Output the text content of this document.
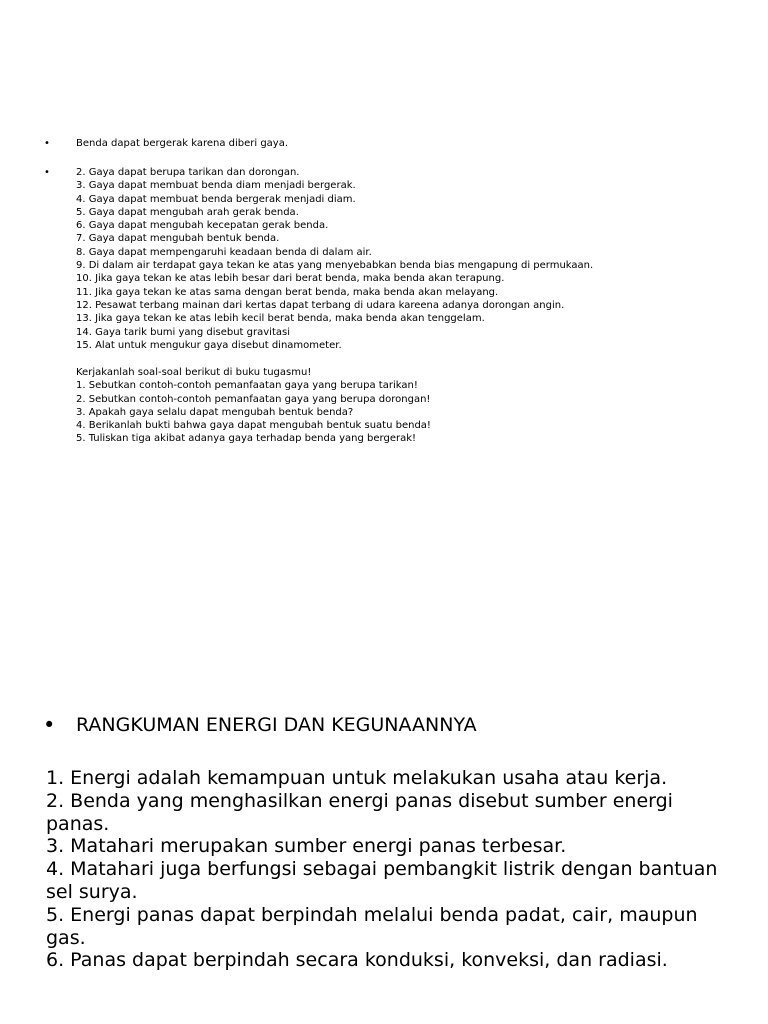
•	Benda dapat bergerak karena diberi gaya.
•	2. Gaya dapat berupa tarikan dan dorongan.
3. Gaya dapat membuat benda diam menjadi bergerak.
4. Gaya dapat membuat benda bergerak menjadi diam.
5. Gaya dapat mengubah arah gerak benda.
6. Gaya dapat mengubah kecepatan gerak benda.
7. Gaya dapat mengubah bentuk benda.
8. Gaya dapat mempengaruhi keadaan benda di dalam air.
9. Di dalam air terdapat gaya tekan ke atas yang menyebabkan benda bias mengapung di permukaan.
10. Jika gaya tekan ke atas lebih besar dari berat benda, maka benda akan terapung.
11. Jika gaya tekan ke atas sama dengan berat benda, maka benda akan melayang.
12. Pesawat terbang mainan dari kertas dapat terbang di udara kareena adanya dorongan angin.
13. Jika gaya tekan ke atas lebih kecil berat benda, maka benda akan tenggelam.
14. Gaya tarik bumi yang disebut gravitasi
15. Alat untuk mengukur gaya disebut dinamometer.
Kerjakanlah soal-soal berikut di buku tugasmu!
1. Sebutkan contoh-contoh pemanfaatan gaya yang berupa tarikan!
2. Sebutkan contoh-contoh pemanfaatan gaya yang berupa dorongan!
3. Apakah gaya selalu dapat mengubah bentuk benda?
4. Berikanlah bukti bahwa gaya dapat mengubah bentuk suatu benda!
5. Tuliskan tiga akibat adanya gaya terhadap benda yang bergerak!
• RANGKUMAN ENERGI DAN KEGUNAANNYA
1. Energi adalah kemampuan untuk melakukan usaha atau kerja.
2. Benda yang menghasilkan energi panas disebut sumber energi panas.
3. Matahari merupakan sumber energi panas terbesar.
4. Matahari juga berfungsi sebagai pembangkit listrik dengan bantuan sel surya.
5. Energi panas dapat berpindah melalui benda padat, cair, maupun gas.
6. Panas dapat berpindah secara konduksi, konveksi, dan radiasi.
